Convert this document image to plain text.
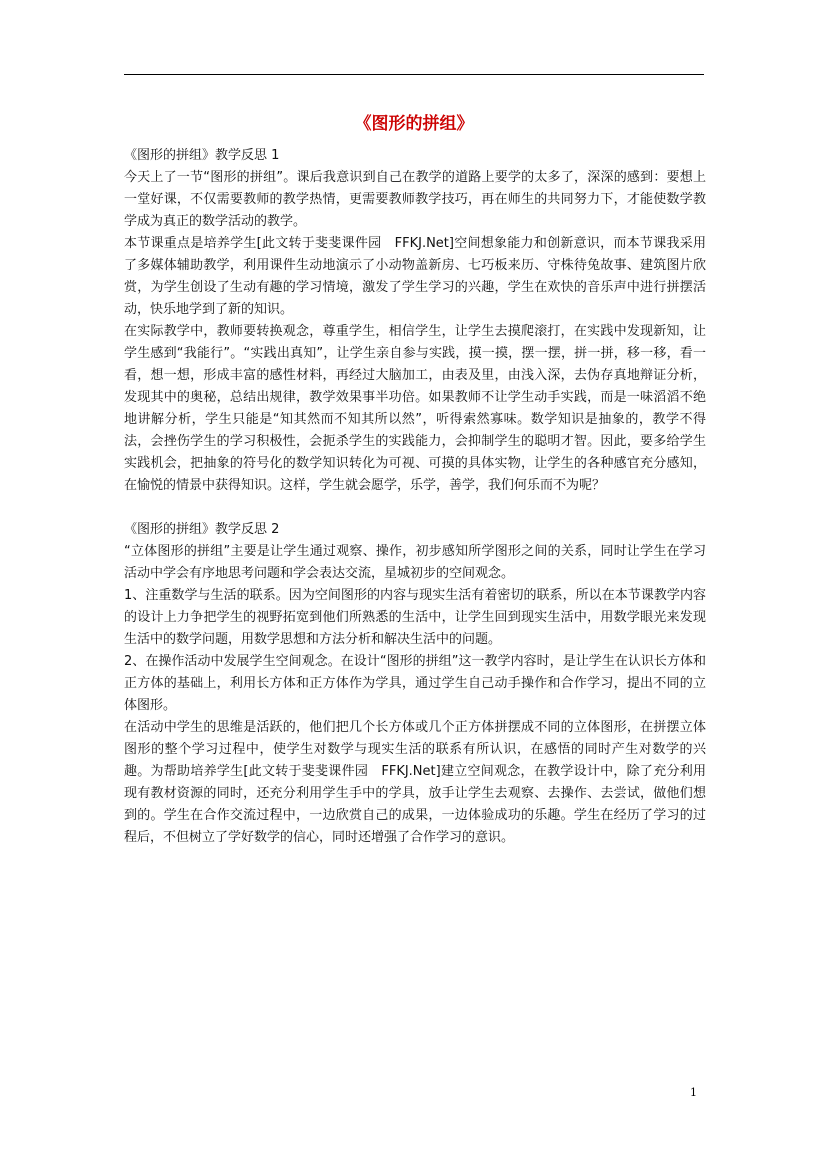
《图形的拼组》

《图形的拼组》教学反思 1

今天上了一节“图形的拼组”。课后我意识到自己在教学的道路上要学的太多了，深深的感到：要想上一堂好课，不仅需要教师的教学热情，更需要教师教学技巧，再在师生的共同努力下，才能使数学教学成为真正的数学活动的教学。

本节课重点是培养学生[此文转于斐斐课件园　FFKJ.Net]空间想象能力和创新意识，而本节课我采用了多媒体辅助教学，利用课件生动地演示了小动物盖新房、七巧板来历、守株待兔故事、建筑图片欣赏，为学生创设了生动有趣的学习情境，激发了学生学习的兴趣，学生在欢快的音乐声中进行拼摆活动，快乐地学到了新的知识。

在实际教学中，教师要转换观念，尊重学生，相信学生，让学生去摸爬滚打，在实践中发现新知，让学生感到“我能行”。“实践出真知”，让学生亲自参与实践，摸一摸，摆一摆，拼一拼，移一移，看一看，想一想，形成丰富的感性材料，再经过大脑加工，由表及里，由浅入深，去伪存真地辩证分析，发现其中的奥秘，总结出规律，教学效果事半功倍。如果教师不让学生动手实践，而是一味滔滔不绝地讲解分析，学生只能是“知其然而不知其所以然”，听得索然寡味。数学知识是抽象的，教学不得法，会挫伤学生的学习积极性，会扼杀学生的实践能力，会抑制学生的聪明才智。因此，要多给学生实践机会，把抽象的符号化的数学知识转化为可视、可摸的具体实物，让学生的各种感官充分感知，在愉悦的情景中获得知识。这样，学生就会愿学，乐学，善学，我们何乐而不为呢？

《图形的拼组》教学反思 2

“立体图形的拼组”主要是让学生通过观察、操作，初步感知所学图形之间的关系，同时让学生在学习活动中学会有序地思考问题和学会表达交流，星城初步的空间观念。

1、注重数学与生活的联系。因为空间图形的内容与现实生活有着密切的联系，所以在本节课教学内容的设计上力争把学生的视野拓宽到他们所熟悉的生活中，让学生回到现实生活中，用数学眼光来发现生活中的数学问题，用数学思想和方法分析和解决生活中的问题。

2、在操作活动中发展学生空间观念。在设计“图形的拼组”这一教学内容时，是让学生在认识长方体和正方体的基础上，利用长方体和正方体作为学具，通过学生自己动手操作和合作学习，提出不同的立体图形。

在活动中学生的思维是活跃的，他们把几个长方体或几个正方体拼摆成不同的立体图形，在拼摆立体图形的整个学习过程中，使学生对数学与现实生活的联系有所认识，在感悟的同时产生对数学的兴趣。为帮助培养学生[此文转于斐斐课件园　FFKJ.Net]建立空间观念，在教学设计中，除了充分利用现有教材资源的同时，还充分利用学生手中的学具，放手让学生去观察、去操作、去尝试，做他们想到的。学生在合作交流过程中，一边欣赏自己的成果，一边体验成功的乐趣。学生在经历了学习的过程后，不但树立了学好数学的信心，同时还增强了合作学习的意识。

1
